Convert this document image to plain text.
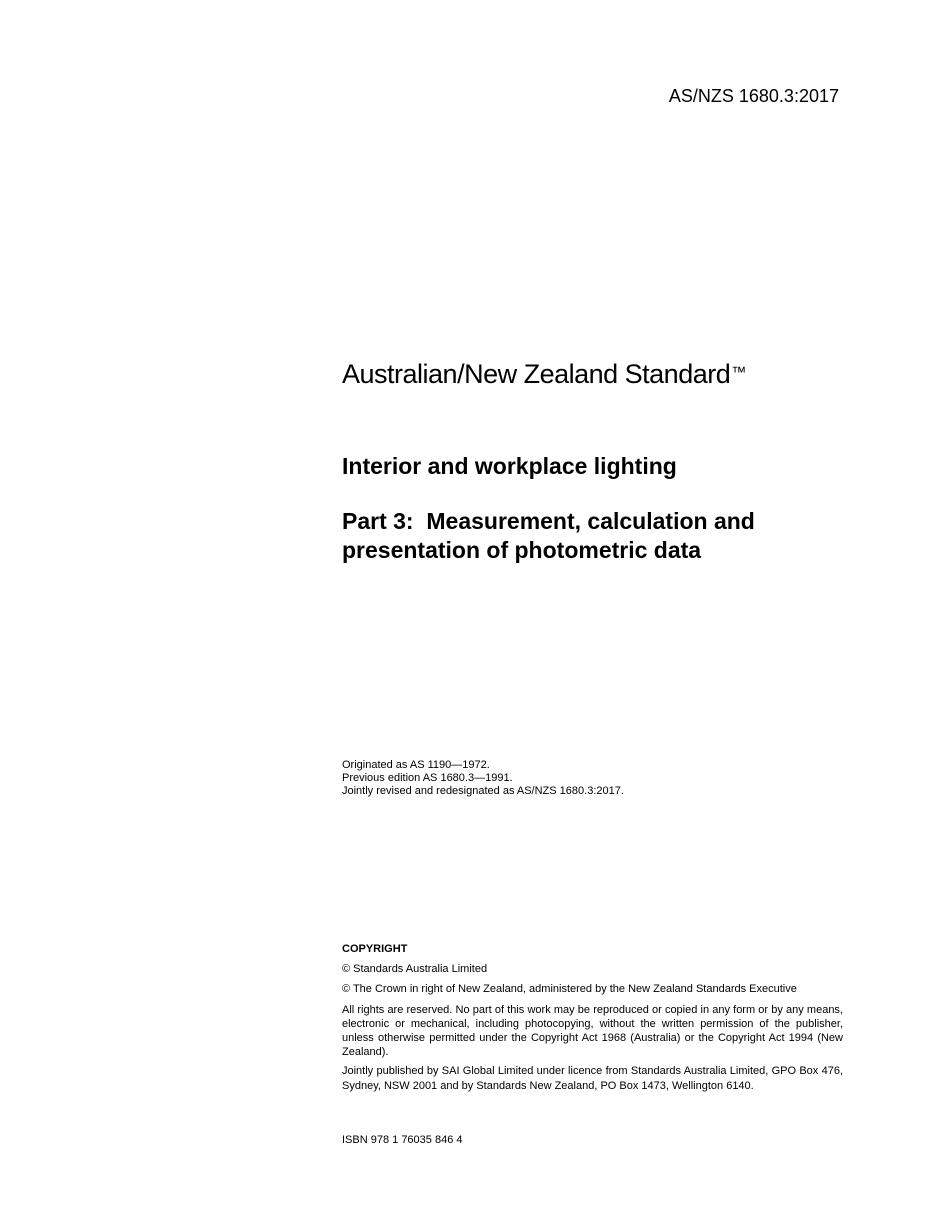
AS/NZS 1680.3:2017
Australian/New Zealand Standard™
Interior and workplace lighting
Part 3:  Measurement, calculation and presentation of photometric data
Originated as AS 1190—1972.
Previous edition AS 1680.3—1991.
Jointly revised and redesignated as AS/NZS 1680.3:2017.
COPYRIGHT
© Standards Australia Limited
© The Crown in right of New Zealand, administered by the New Zealand Standards Executive
All rights are reserved. No part of this work may be reproduced or copied in any form or by any means, electronic or mechanical, including photocopying, without the written permission of the publisher, unless otherwise permitted under the Copyright Act 1968 (Australia) or the Copyright Act 1994 (New Zealand).
Jointly published by SAI Global Limited under licence from Standards Australia Limited, GPO Box 476, Sydney, NSW 2001 and by Standards New Zealand, PO Box 1473, Wellington 6140.
ISBN 978 1 76035 846 4
